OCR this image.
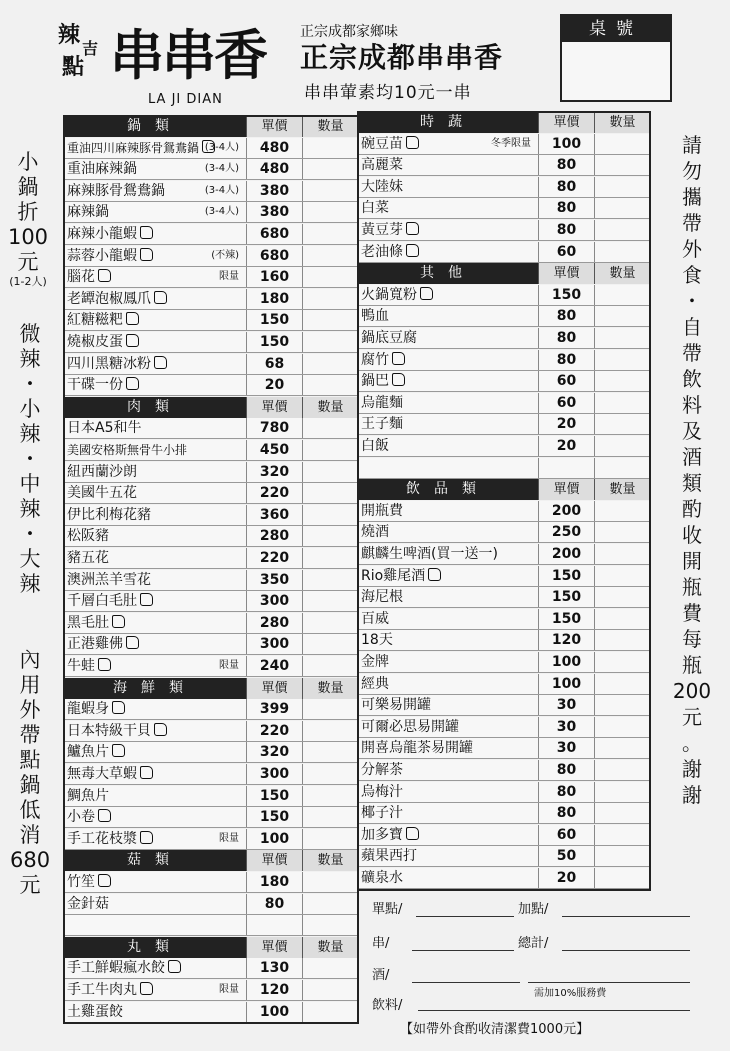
辣
吉
點 串串香
LA JI DIAN
正宗成都家鄉味
正宗成都串串香
串串葷素均10元一串
桌號
小
鍋
折
100
元
(1-2人)
微
辣
・
小
辣
・
中
辣
・
大
辣
內
用
外
帶
點
鍋
低
消
680
元
請
勿
攜
帶
外
食
・
自
帶
飲
料
及
酒
類
酌
收
開
瓶
費
每
瓶
200
元
。
謝
謝
鍋類	單價	數量
重油四川麻辣豚骨鴛鴦鍋 (3-4人)	480
重油麻辣鍋	(3-4人)	480
麻辣豚骨鴛鴦鍋	(3-4人)	380
麻辣鍋	(3-4人)	380
麻辣小龍蝦	680
蒜蓉小龍蝦	(不辣)	680
腦花	限量	160
老罈泡椒鳳爪	180
紅糖糍粑	150
燒椒皮蛋	150
四川黑糖冰粉	68
干碟一份	20
肉類	單價	數量
日本A5和牛	780
美國安格斯無骨牛小排	450
紐西蘭沙朗	320
美國牛五花	220
伊比利梅花豬	360
松阪豬	280
豬五花	220
澳洲羔羊雪花	350
千層白毛肚	300
黑毛肚	280
正港雞佛	300
牛蛙	限量	240
海鮮類	單價	數量
龍蝦身	399
日本特級干貝	220
鱸魚片	320
無毒大草蝦	300
鯛魚片	150
小卷	150
手工花枝漿	限量	100
菇類	單價	數量
竹笙	180
金針菇	80
丸類	單價	數量
手工鮮蝦瘋水餃	130
手工牛肉丸	限量	120
土雞蛋餃	100
時蔬	單價	數量
碗豆苗	冬季限量	100
高麗菜	80
大陸妹	80
白菜	80
黃豆芽	80
老油條	60
其他	單價	數量
火鍋寬粉	150
鴨血	80
鍋底豆腐	80
腐竹	80
鍋巴	60
烏龍麵	60
王子麵	20
白飯	20
飲品類	單價	數量
開瓶費	200
燒酒	250
麒麟生啤酒(買一送一)	200
Rio雞尾酒	150
海尼根	150
百威	150
18天	120
金牌	100
經典	100
可樂易開罐	30
可爾必思易開罐	30
開喜烏龍茶易開罐	30
分解茶	80
烏梅汁	80
椰子汁	80
加多寶	60
蘋果西打	50
礦泉水	20
單點/	加點/
串/	總計/
酒/
需加10%服務費
飲料/
【如帶外食酌收清潔費1000元】
